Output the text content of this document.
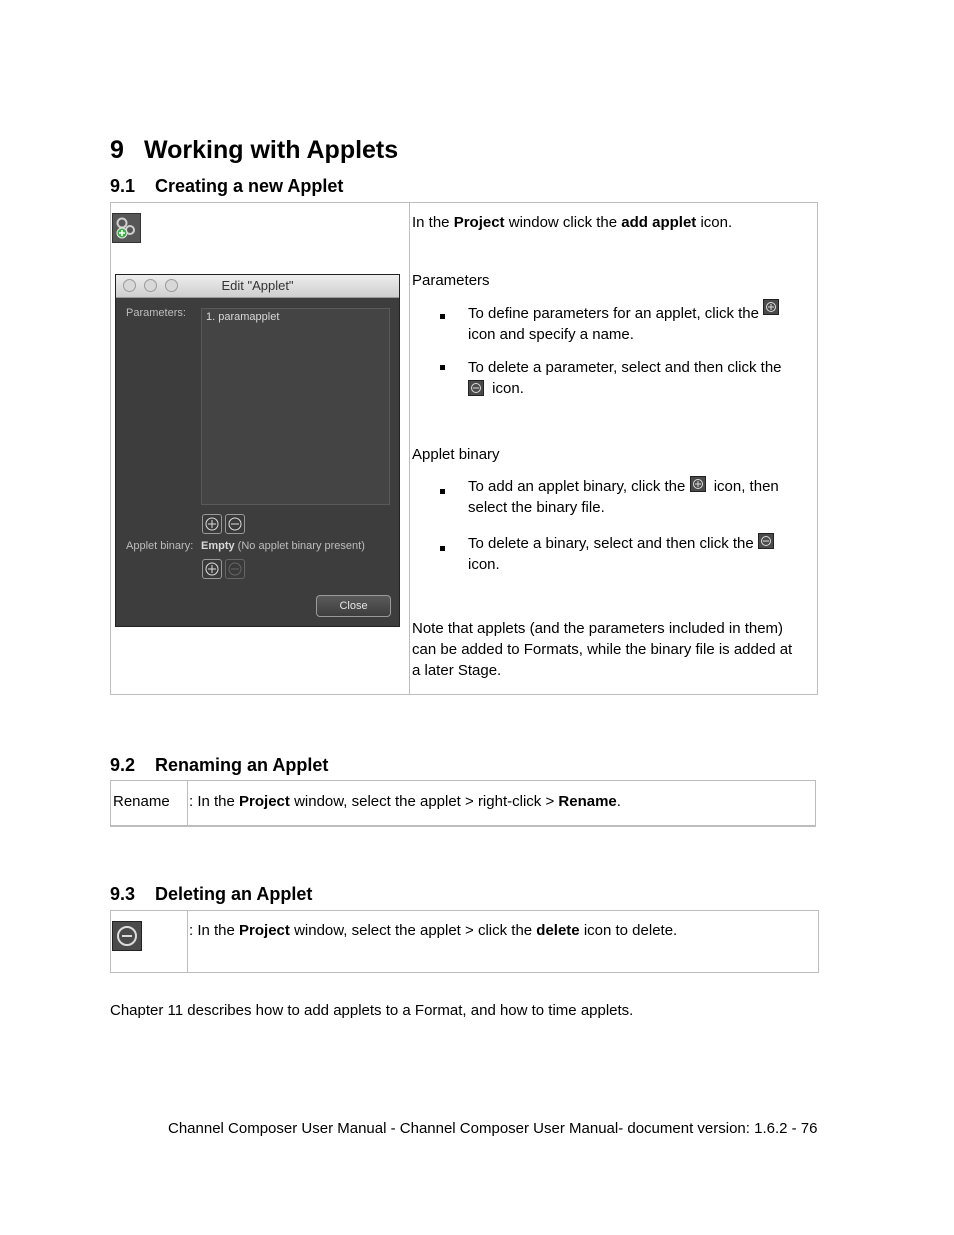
9 Working with Applets
9.1 Creating a new Applet
In the Project window click the add applet icon.
Parameters
To define parameters for an applet, click the

icon and specify a name.
To delete a parameter, select and then click the

icon.
Applet binary
To add an applet binary, click the icon, then
select the binary file.
To delete a binary, select and then click the

icon.
Note that applets (and the parameters included in them)
can be added to Formats, while the binary file is added at
a later Stage.
Edit "Applet"
Parameters: 1. paramapplet
Applet binary: Empty (No applet binary present)
Close
9.2 Renaming an Applet
Rename : In the Project window, select the applet > right-click > Rename.
9.3 Deleting an Applet
: In the Project window, select the applet > click the delete icon to delete.
Chapter 11 describes how to add applets to a Format, and how to time applets.
Channel Composer User Manual - Channel Composer User Manual- document version: 1.6.2 - 76
